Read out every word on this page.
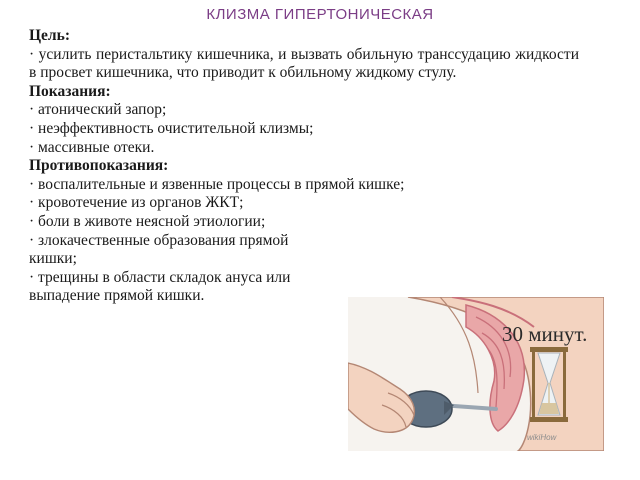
КЛИЗМА ГИПЕРТОНИЧЕСКАЯ
Цель:
· усилить перистальтику кишечника, и вызвать обильную транссудацию жидкости в просвет кишечника, что приводит к обильному жидкому стулу.
Показания:
· атонический запор;
· неэффективность очистительной клизмы;
· массивные отеки.
Противопоказания:
· воспалительные и язвенные процессы в прямой кишке;
· кровотечение из органов ЖКТ;
· боли в животе неясной этиологии;
· злокачественные образования прямой кишки;
· трещины в области складок ануса или выпадение прямой кишки.
30 минут.
wikiHow
